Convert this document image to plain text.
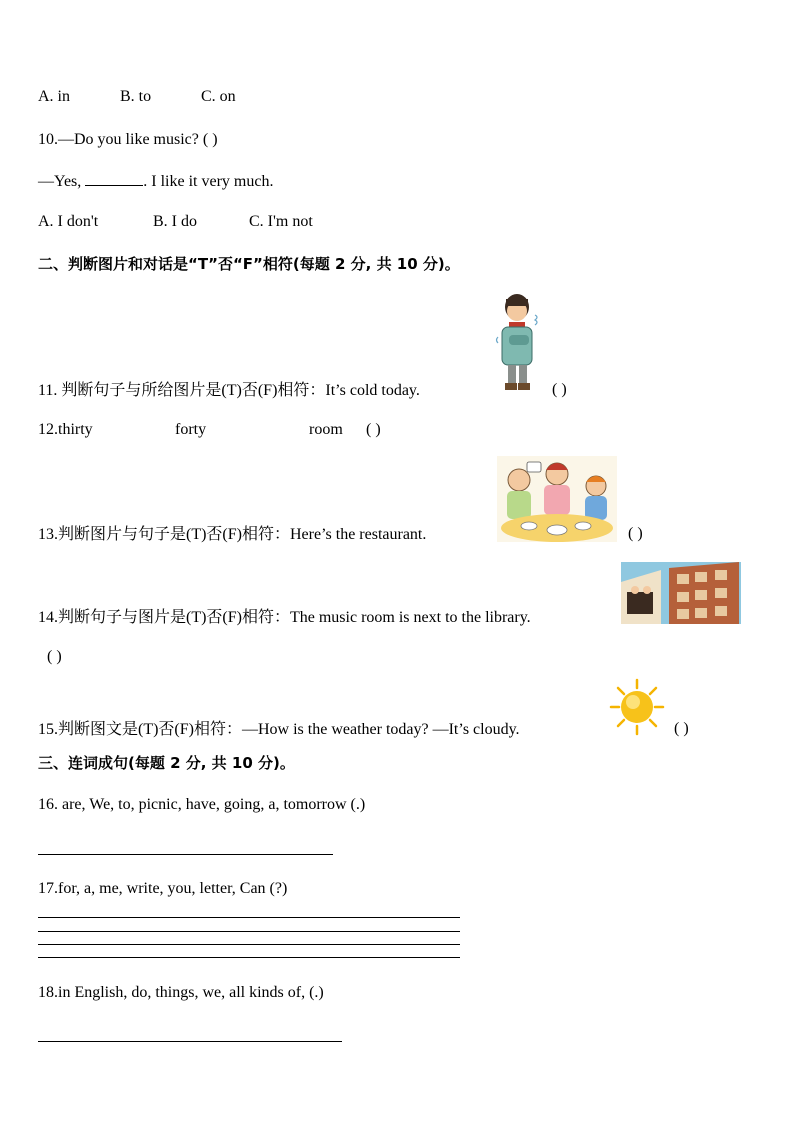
A. in	B. to	C. on
10.—Do you like music? ( )
—Yes,	. I like it very much.
A. I don't	B. I do	C. I'm not
二、判断图片和对话是“T”否“F”相符(每题 2 分, 共 10 分)。
11. 判断句子与所给图片是(T)否(F)相符：It’s cold today.	( )
12.thirty	forty	room ( )
13.判断图片与句子是(T)否(F)相符：Here’s the restaurant.	( )
14.判断句子与图片是(T)否(F)相符：The music room is next to the library.
( )
15.判断图文是(T)否(F)相符：—How is the weather today? —It’s cloudy.	( )
三、连词成句(每题 2 分, 共 10 分)。
16. are, We, to, picnic, have, going, a, tomorrow (.)
17.for, a, me, write, you, letter, Can (?)
18.in English, do, things, we, all kinds of, (.)
